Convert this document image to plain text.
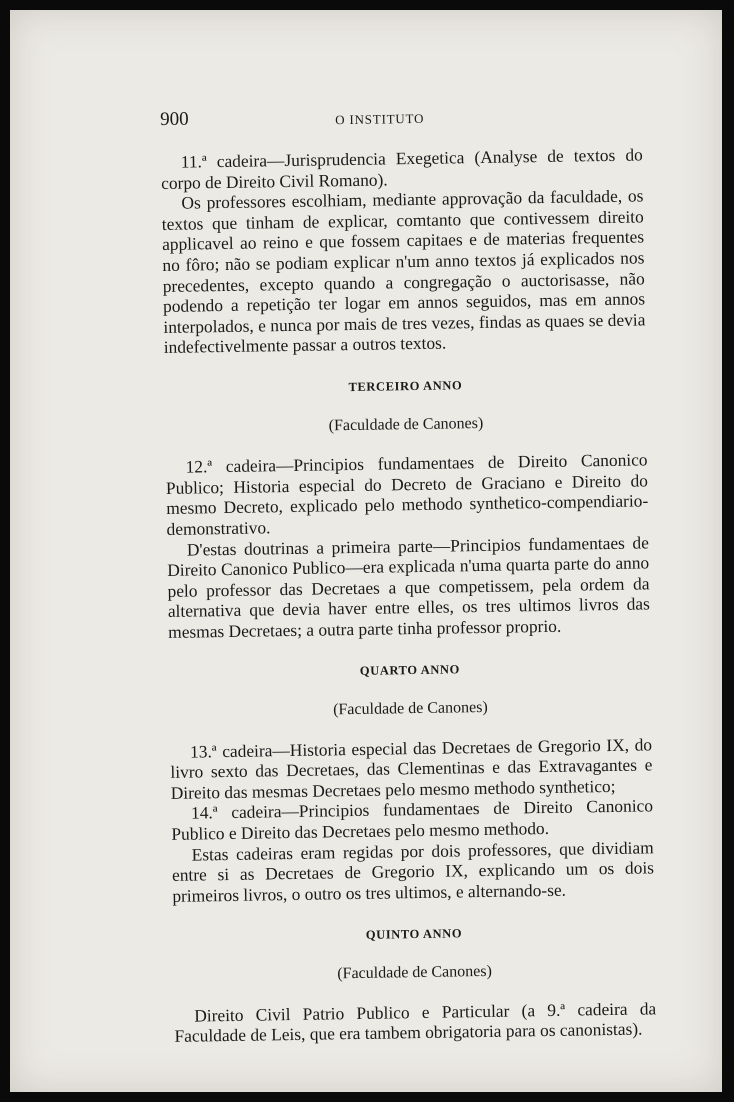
900	O INSTITUTO

11.ª cadeira—Jurisprudencia Exegetica (Analyse de textos do corpo de Direito Civil Romano).

Os professores escolhiam, mediante approvação da faculdade, os textos que tinham de explicar, comtanto que contivessem direito applicavel ao reino e que fossem capitaes e de materias frequentes no fôro; não se podiam explicar n'um anno textos já explicados nos precedentes, excepto quando a congregação o auctorisasse, não podendo a repetição ter logar em annos seguidos, mas em annos interpolados, e nunca por mais de tres vezes, findas as quaes se devia indefectivelmente passar a outros textos.

TERCEIRO ANNO
(Faculdade de Canones)

12.ª cadeira—Principios fundamentaes de Direito Canonico Publico; Historia especial do Decreto de Graciano e Direito do mesmo Decreto, explicado pelo methodo synthetico-compendiario-demonstrativo.

D'estas doutrinas a primeira parte—Principios fundamentaes de Direito Canonico Publico—era explicada n'uma quarta parte do anno pelo professor das Decretaes a que competissem, pela ordem da alternativa que devia haver entre elles, os tres ultimos livros das mesmas Decretaes; a outra parte tinha professor proprio.

QUARTO ANNO
(Faculdade de Canones)

13.ª cadeira—Historia especial das Decretaes de Gregorio IX, do livro sexto das Decretaes, das Clementinas e das Extravagantes e Direito das mesmas Decretaes pelo mesmo methodo synthetico;

14.ª cadeira—Principios fundamentaes de Direito Canonico Publico e Direito das Decretaes pelo mesmo methodo.

Estas cadeiras eram regidas por dois professores, que dividiam entre si as Decretaes de Gregorio IX, explicando um os dois primeiros livros, o outro os tres ultimos, e alternando-se.

QUINTO ANNO
(Faculdade de Canones)

Direito Civil Patrio Publico e Particular (a 9.ª cadeira da Faculdade de Leis, que era tambem obrigatoria para os canonistas).
